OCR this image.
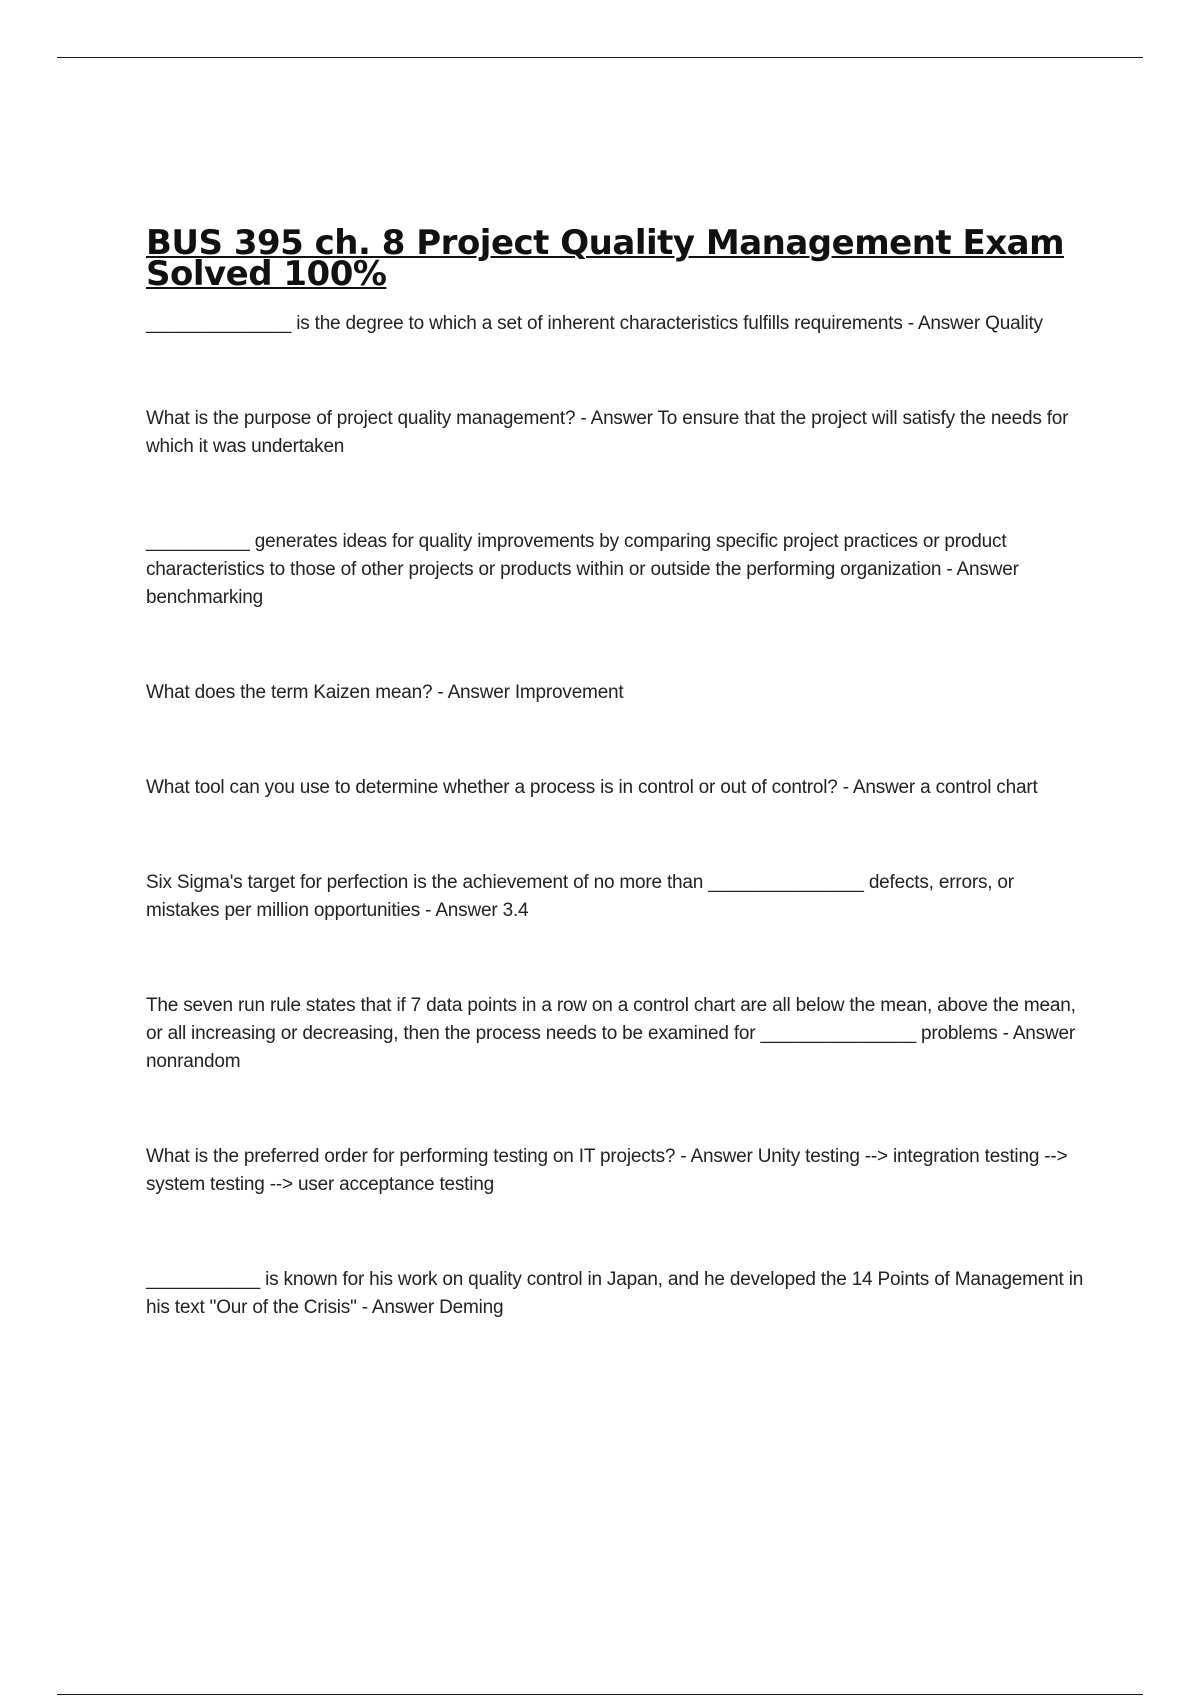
BUS 395 ch. 8 Project Quality Management Exam Solved 100%

______________ is the degree to which a set of inherent characteristics fulfills requirements - Answer Quality

What is the purpose of project quality management? - Answer To ensure that the project will satisfy the needs for which it was undertaken

__________ generates ideas for quality improvements by comparing specific project practices or product characteristics to those of other projects or products within or outside the performing organization - Answer benchmarking

What does the term Kaizen mean? - Answer Improvement

What tool can you use to determine whether a process is in control or out of control? - Answer a control chart

Six Sigma's target for perfection is the achievement of no more than _______________ defects, errors, or mistakes per million opportunities - Answer 3.4

The seven run rule states that if 7 data points in a row on a control chart are all below the mean, above the mean, or all increasing or decreasing, then the process needs to be examined for _______________ problems - Answer nonrandom

What is the preferred order for performing testing on IT projects? - Answer Unity testing --> integration testing --> system testing --> user acceptance testing

___________ is known for his work on quality control in Japan, and he developed the 14 Points of Management in his text "Our of the Crisis" - Answer Deming
